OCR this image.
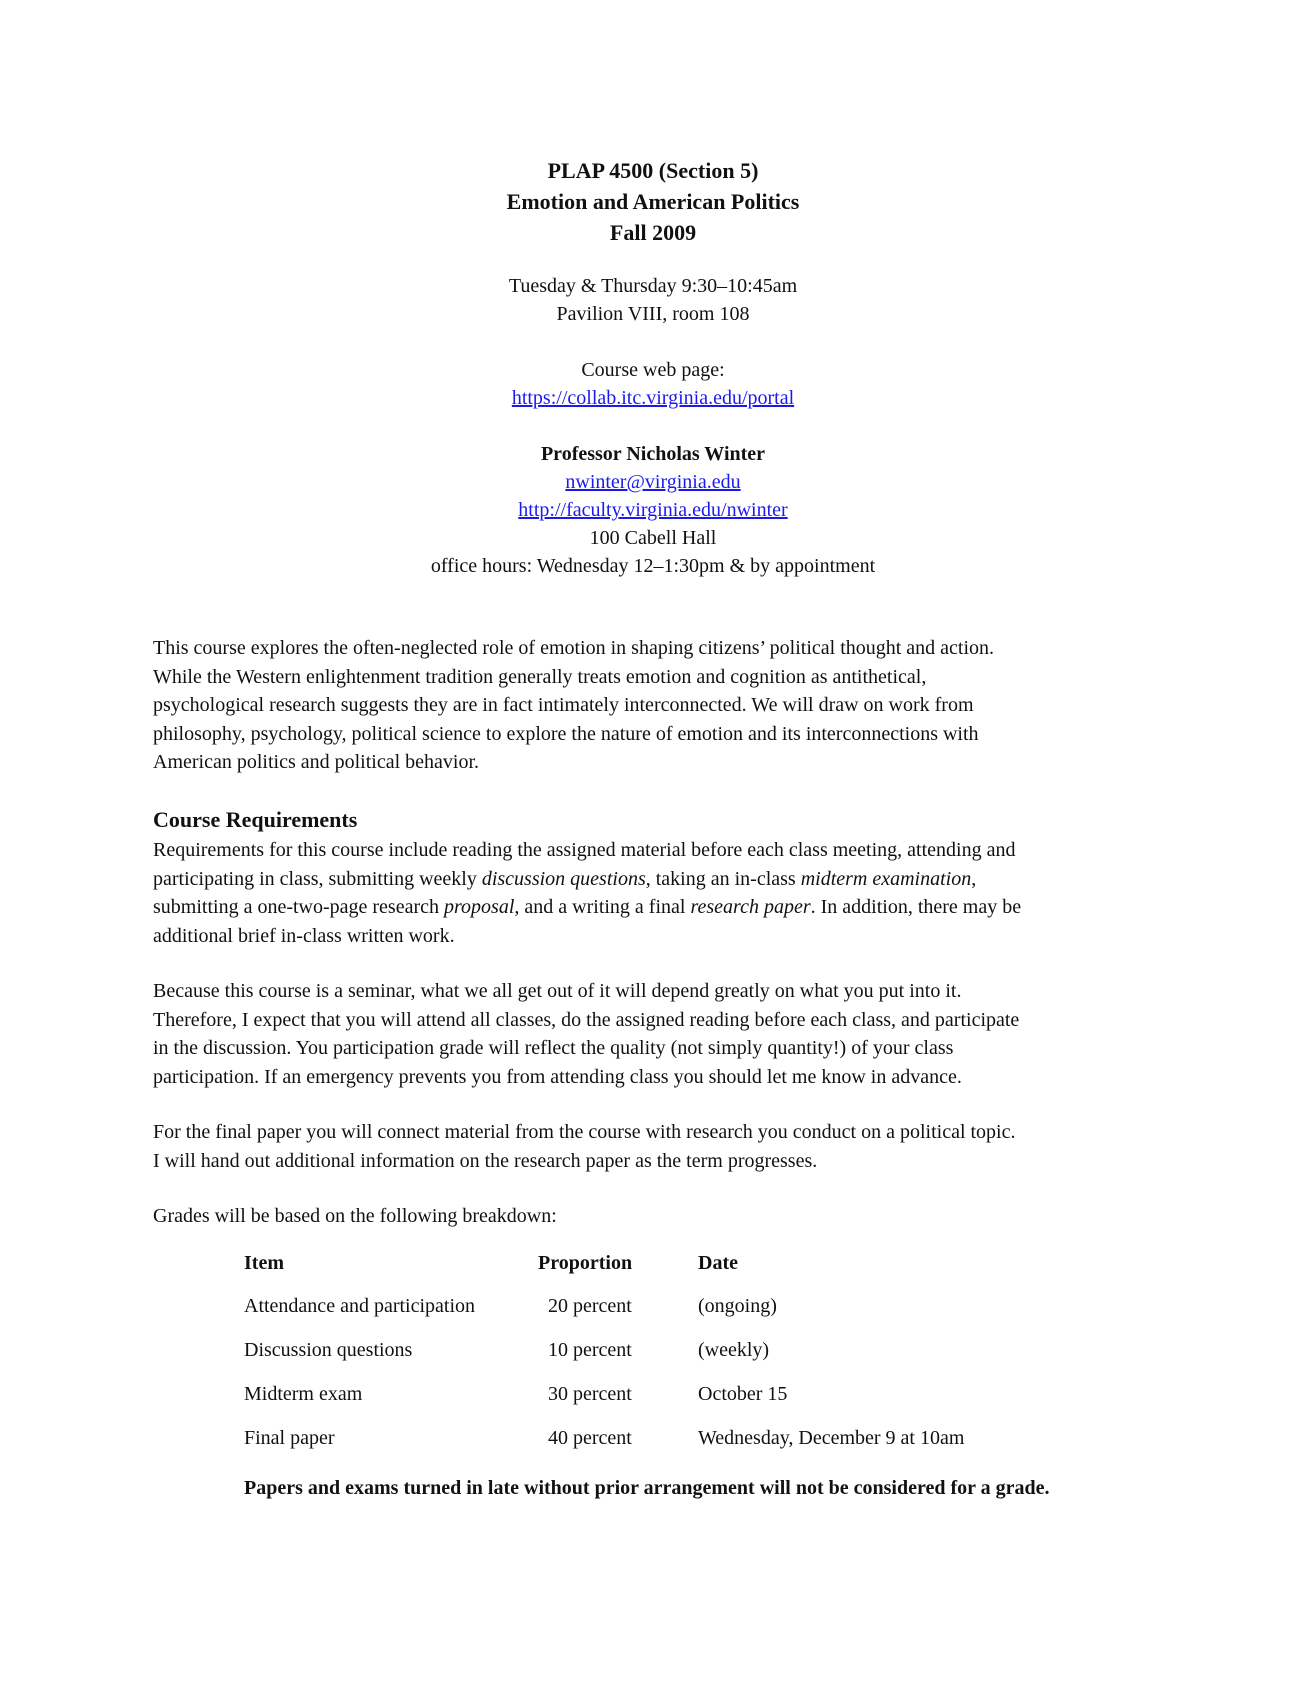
PLAP 4500 (Section 5)
Emotion and American Politics
Fall 2009
Tuesday & Thursday 9:30–10:45am
Pavilion VIII, room 108
Course web page:
https://collab.itc.virginia.edu/portal
Professor Nicholas Winter
nwinter@virginia.edu
http://faculty.virginia.edu/nwinter
100 Cabell Hall
office hours: Wednesday 12–1:30pm & by appointment
This course explores the often-neglected role of emotion in shaping citizens’ political thought and action.
While the Western enlightenment tradition generally treats emotion and cognition as antithetical,
psychological research suggests they are in fact intimately interconnected. We will draw on work from
philosophy, psychology, political science to explore the nature of emotion and its interconnections with
American politics and political behavior.
Course Requirements
Requirements for this course include reading the assigned material before each class meeting, attending and
participating in class, submitting weekly discussion questions, taking an in-class midterm examination,
submitting a one-two-page research proposal, and a writing a final research paper. In addition, there may be
additional brief in-class written work.
Because this course is a seminar, what we all get out of it will depend greatly on what you put into it.
Therefore, I expect that you will attend all classes, do the assigned reading before each class, and participate
in the discussion. You participation grade will reflect the quality (not simply quantity!) of your class
participation. If an emergency prevents you from attending class you should let me know in advance.
For the final paper you will connect material from the course with research you conduct on a political topic.
I will hand out additional information on the research paper as the term progresses.
Grades will be based on the following breakdown:
Item	Proportion	Date
Attendance and participation	20 percent	(ongoing)
Discussion questions	10 percent	(weekly)
Midterm exam	30 percent	October 15
Final paper	40 percent	Wednesday, December 9 at 10am
Papers and exams turned in late without prior arrangement will not be considered for a grade.
